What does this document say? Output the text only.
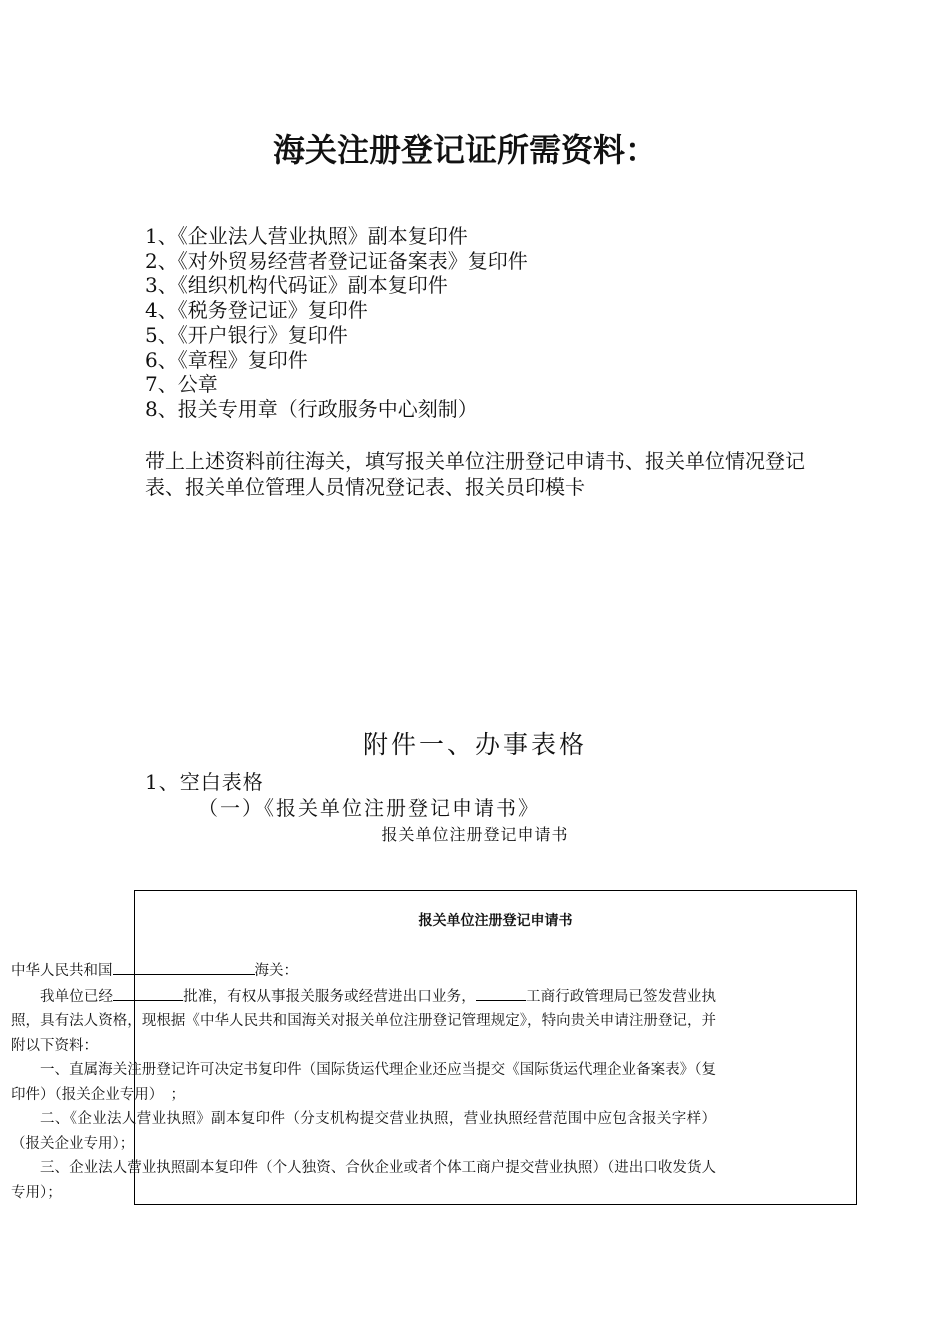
海关注册登记证所需资料：
1、《企业法人营业执照》副本复印件
2、《对外贸易经营者登记证备案表》复印件
3、《组织机构代码证》副本复印件
4、《税务登记证》复印件
5、《开户银行》复印件
6、《章程》复印件
7、公章
8、报关专用章（行政服务中心刻制）

带上上述资料前往海关，填写报关单位注册登记申请书、报关单位情况登记表、报关单位管理人员情况登记表、报关员印模卡

附件一、办事表格
1、空白表格
（一）《报关单位注册登记申请书》
报关单位注册登记申请书
报关单位注册登记申请书

中华人民共和国	海关：

我单位已经	批准，有权从事报关服务或经营进出口业务，	工商行政管理局已签发营业执照，具有法人资格，现根据《中华人民共和国海关对报关单位注册登记管理规定》，特向贵关申请注册登记，并附以下资料：

一、直属海关注册登记许可决定书复印件（国际货运代理企业还应当提交《国际货运代理企业备案表》（复印件）（报关企业专用）　；

二、《企业法人营业执照》副本复印件（分支机构提交营业执照，营业执照经营范围中应包含报关字样）（报关企业专用）；

三、企业法人营业执照副本复印件（个人独资、合伙企业或者个体工商户提交营业执照）（进出口收发货人专用）；
